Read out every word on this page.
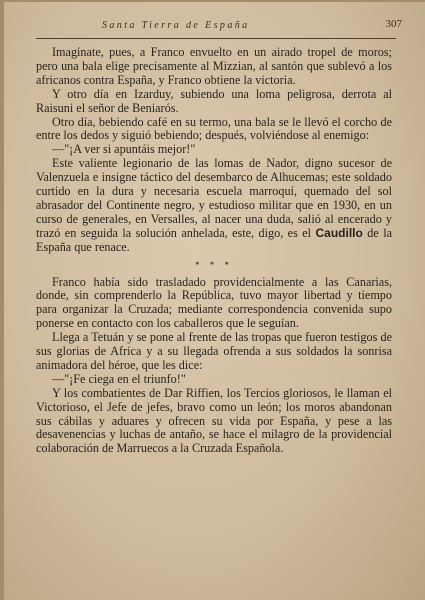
Santa Tierra de España	307

Imagínate, pues, a Franco envuelto en un airado tropel de moros; pero una bala elige precisamente al Mizzian, al santón que sublevó a los africanos contra España, y Franco obtiene la victoria.

Y otro día en Izarduy, subiendo una loma peligrosa, derrota al Raisuni el señor de Beniarós.

Otro día, bebiendo café en su termo, una bala se le llevó el corcho de entre los dedos y siguió bebiendo; después, volviéndose al enemigo:

—"¡A ver si apuntáis mejor!"

Este valiente legionario de las lomas de Nador, digno sucesor de Valenzuela e insigne táctico del desembarco de Alhucemas; este soldado curtido en la dura y necesaria escuela marroquí, quemado del sol abrasador del Continente negro, y estudioso militar que en 1930, en un curso de generales, en Versalles, al nacer una duda, salió al encerado y trazó en seguida la solución anhelada, este, digo, es el Caudillo de la España que renace.

* * *

Franco había sido trasladado providencialmente a las Canarias, donde, sin comprenderlo la República, tuvo mayor libertad y tiempo para organizar la Cruzada; mediante correspondencia convenida supo ponerse en contacto con los caballeros que le seguían.

Llega a Tetuán y se pone al frente de las tropas que fueron testigos de sus glorias de Africa y a su llegada ofrenda a sus soldados la sonrisa animadora del héroe, que les dice:

—"¡Fe ciega en el triunfo!"

Y los combatientes de Dar Riffien, los Tercios gloriosos, le llaman el Victorioso, el Jefe de jefes, bravo como un león; los moros abandonan sus cábilas y aduares y ofrecen su vida por España, y pese a las desavenencias y luchas de antaño, se hace el milagro de la providencial colaboración de Marruecos a la Cruzada Española.
